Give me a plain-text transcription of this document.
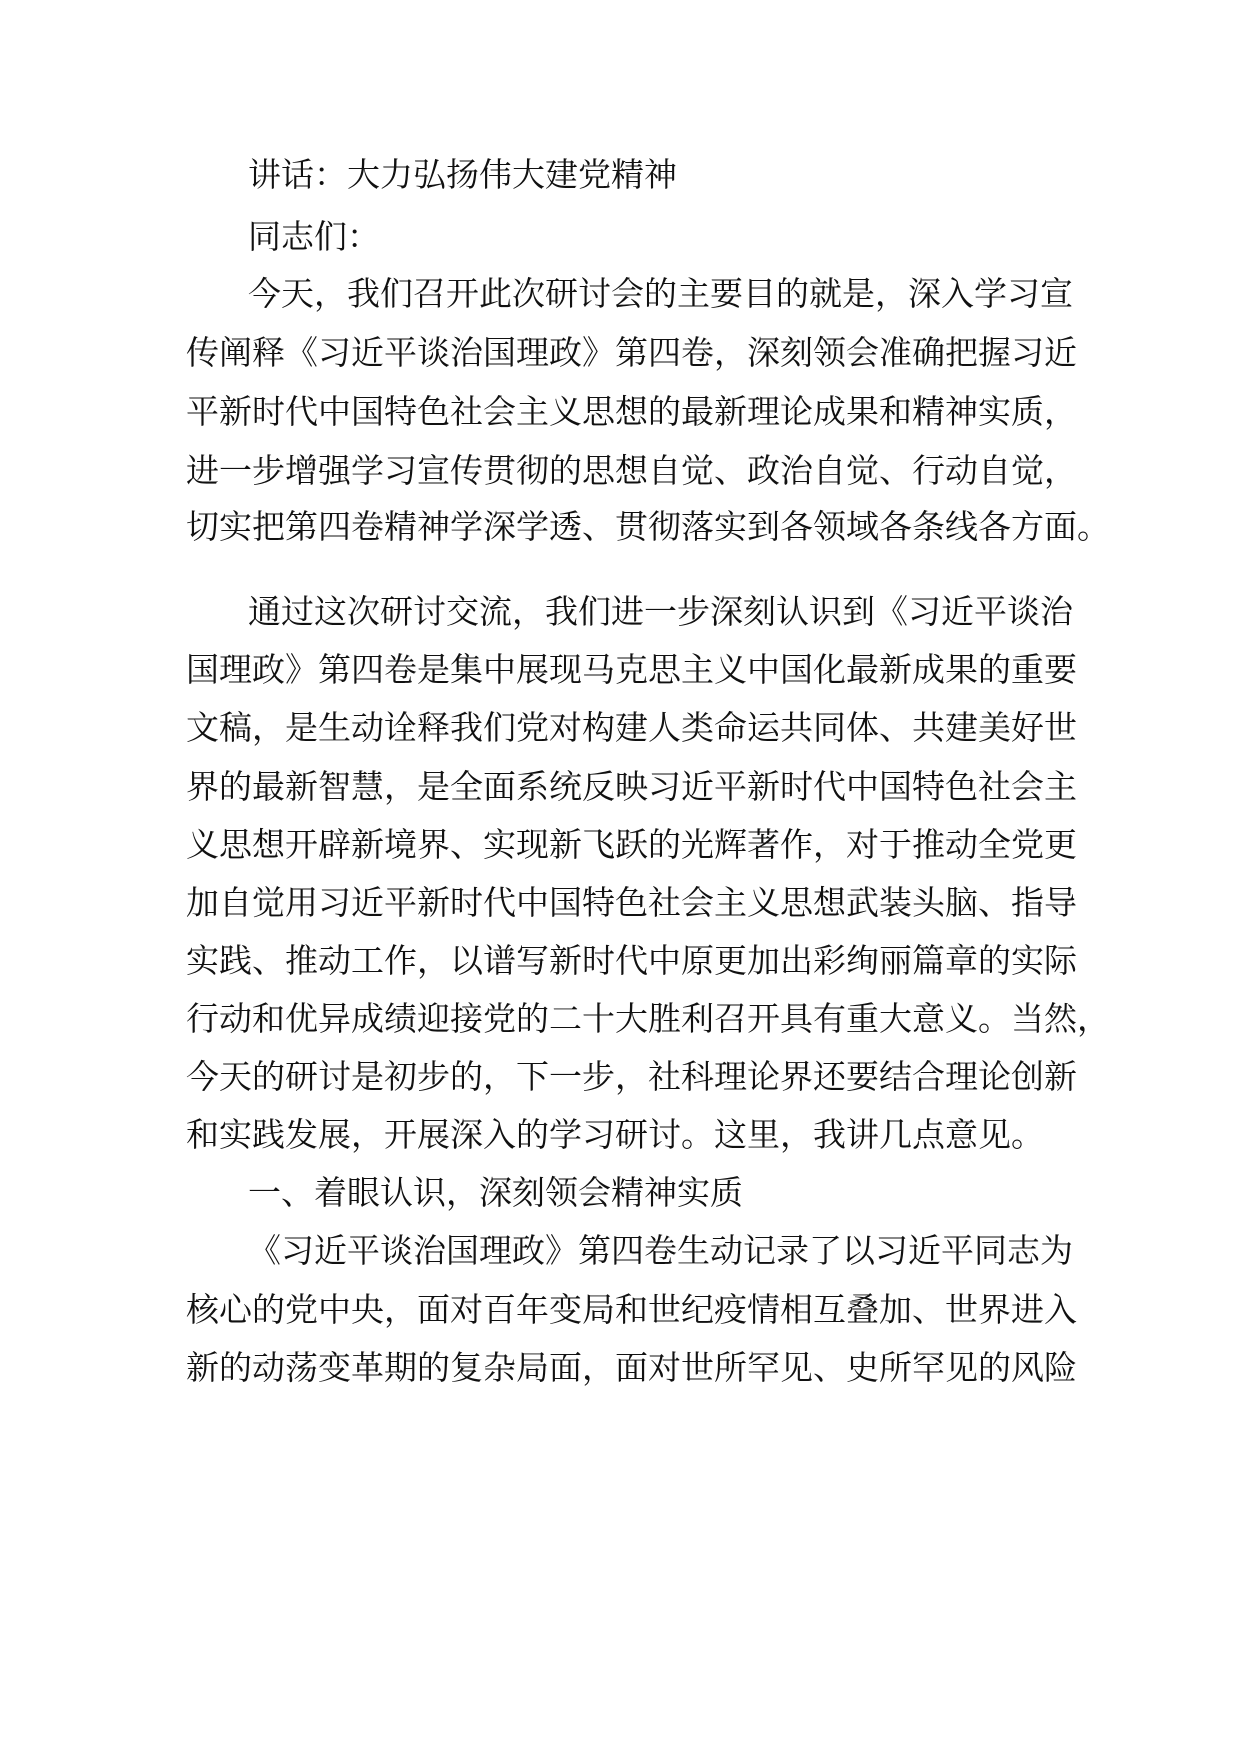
讲话：大力弘扬伟大建党精神

同志们：

今天，我们召开此次研讨会的主要目的就是，深入学习宣

传阐释《习近平谈治国理政》第四卷，深刻领会准确把握习近

平新时代中国特色社会主义思想的最新理论成果和精神实质，

进一步增强学习宣传贯彻的思想自觉、政治自觉、行动自觉，

切实把第四卷精神学深学透、贯彻落实到各领域各条线各方面。

通过这次研讨交流，我们进一步深刻认识到《习近平谈治

国理政》第四卷是集中展现马克思主义中国化最新成果的重要

文稿，是生动诠释我们党对构建人类命运共同体、共建美好世

界的最新智慧，是全面系统反映习近平新时代中国特色社会主

义思想开辟新境界、实现新飞跃的光辉著作，对于推动全党更

加自觉用习近平新时代中国特色社会主义思想武装头脑、指导

实践、推动工作，以谱写新时代中原更加出彩绚丽篇章的实际

行动和优异成绩迎接党的二十大胜利召开具有重大意义。当然，

今天的研讨是初步的，下一步，社科理论界还要结合理论创新

和实践发展，开展深入的学习研讨。这里，我讲几点意见。

一、着眼认识，深刻领会精神实质

《习近平谈治国理政》第四卷生动记录了以习近平同志为

核心的党中央，面对百年变局和世纪疫情相互叠加、世界进入

新的动荡变革期的复杂局面，面对世所罕见、史所罕见的风险
